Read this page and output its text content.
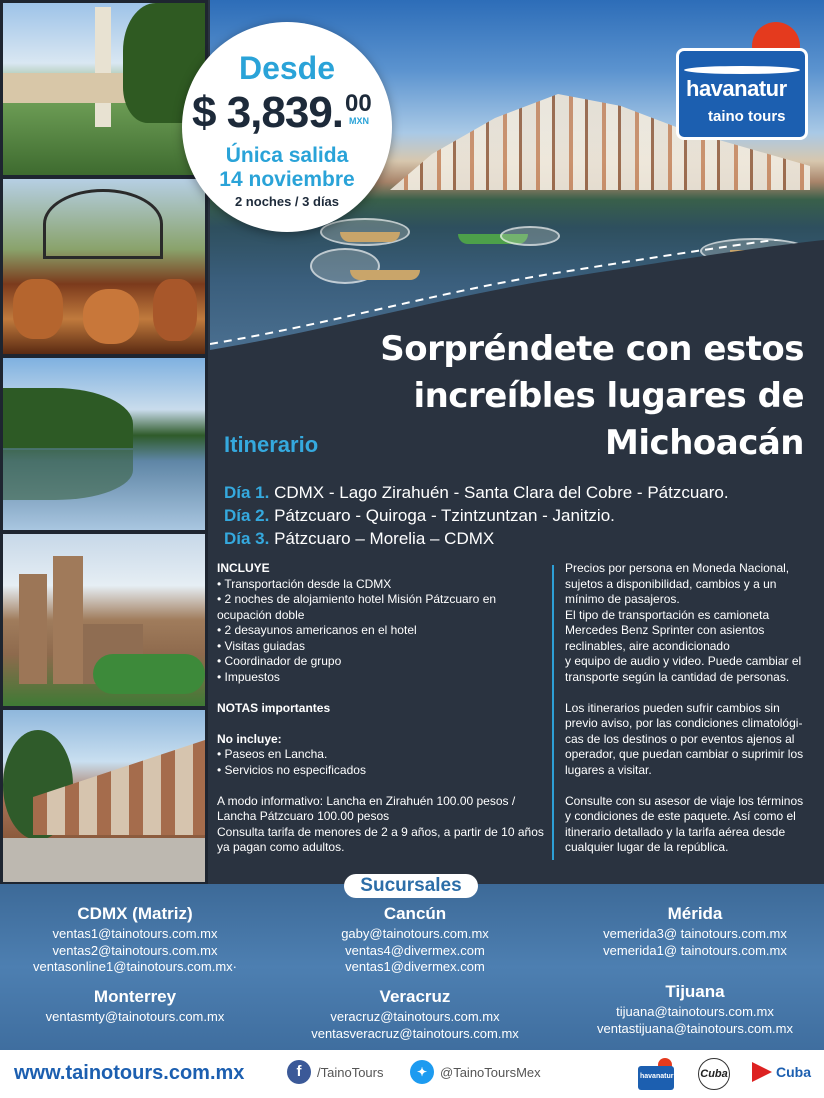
Desde
$ 3,839. 00
MXN
Única salida
14 noviembre
2 noches / 3 días
havanatur
taino tours
Sorpréndete con estos
increíbles lugares de Michoacán
Itinerario
Día 1. CDMX - Lago Zirahuén - Santa Clara del Cobre - Pátzcuaro.
Día 2. Pátzcuaro - Quiroga - Tzintzuntzan - Janitzio.
Día 3. Pátzcuaro – Morelia – CDMX
INCLUYE
• Transportación desde la CDMX
• 2 noches de alojamiento hotel Misión Pátzcuaro en ocupación doble
• 2 desayunos americanos en el hotel
• Visitas guiadas
• Coordinador de grupo
• Impuestos
NOTAS importantes
No incluye:
• Paseos en Lancha.
• Servicios no especificados
A modo informativo: Lancha en Zirahuén 100.00 pesos / Lancha Pátzcuaro 100.00 pesos
Consulta tarifa de menores de 2 a 9 años, a partir de 10 años ya pagan como adultos.

Precios por persona en Moneda Nacional, sujetos a disponibilidad, cambios y a un mínimo de pasajeros.
El tipo de transportación es camioneta Mercedes Benz Sprinter con asientos reclinables, aire acondicionado
y equipo de audio y video. Puede cambiar el transporte según la cantidad de personas.

Los itinerarios pueden sufrir cambios sin previo aviso, por las condiciones climatológi-cas de los destinos o por eventos ajenos al operador, que puedan cambiar o suprimir los lugares a visitar.

Consulte con su asesor de viaje los términos y condiciones de este paquete. Así como el itinerario detallado y la tarifa aérea desde cualquier lugar de la república.

Sucursales
CDMX (Matriz)
ventas1@tainotours.com.mx
ventas2@tainotours.com.mx
ventasonline1@tainotours.com.mx·
Cancún
gaby@tainotours.com.mx
ventas4@divermex.com
ventas1@divermex.com
Mérida
vemerida3@ tainotours.com.mx
vemerida1@ tainotours.com.mx
Monterrey
ventasmty@tainotours.com.mx
Veracruz
veracruz@tainotours.com.mx
ventasveracruz@tainotours.com.mx
Tijuana
tijuana@tainotours.com.mx
ventastijuana@tainotours.com.mx
www.tainotours.com.mx	f	/TainoTours	✦ @TainoToursMex	havanatur taino tours
Cuba	Cuba
